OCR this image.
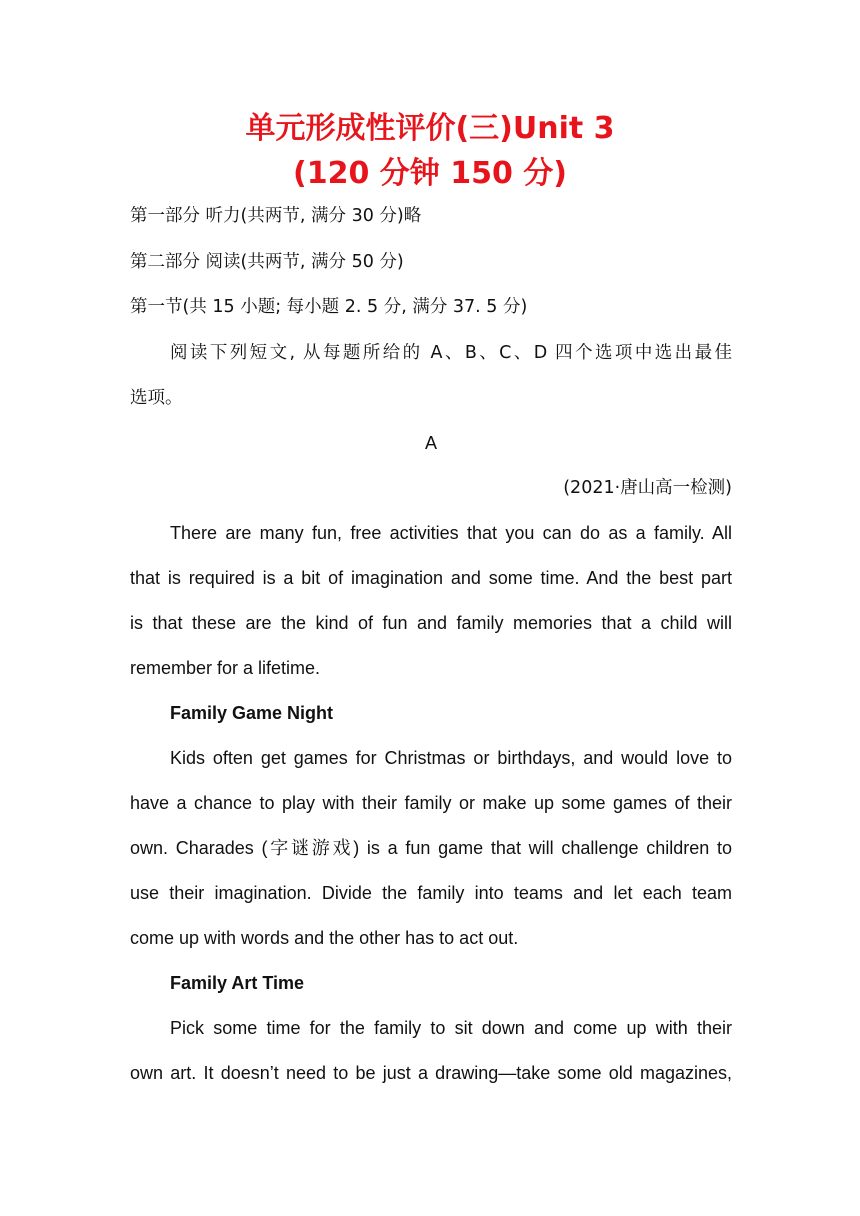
单元形成性评价(三)Unit 3
(120 分钟 150 分)
第一部分 听力(共两节, 满分 30 分)略
第二部分 阅读(共两节, 满分 50 分)
第一节(共 15 小题; 每小题 2. 5 分, 满分 37. 5 分)
阅读下列短文, 从每题所给的 A、B、C、D 四个选项中选出最佳
选项。
A
(2021·唐山高一检测)
There are many fun, free activities that you can do as a family. All
that is required is a bit of imagination and some time. And the best part
is that these are the kind of fun and family memories that a child will
remember for a lifetime.
Family Game Night
Kids often get games for Christmas or birthdays, and would love to
have a chance to play with their family or make up some games of their
own. Charades (字谜游戏) is a fun game that will challenge children to
use their imagination. Divide the family into teams and let each team
come up with words and the other has to act out.
Family Art Time
Pick some time for the family to sit down and come up with their
own art. It doesn’t need to be just a drawing—take some old magazines,
